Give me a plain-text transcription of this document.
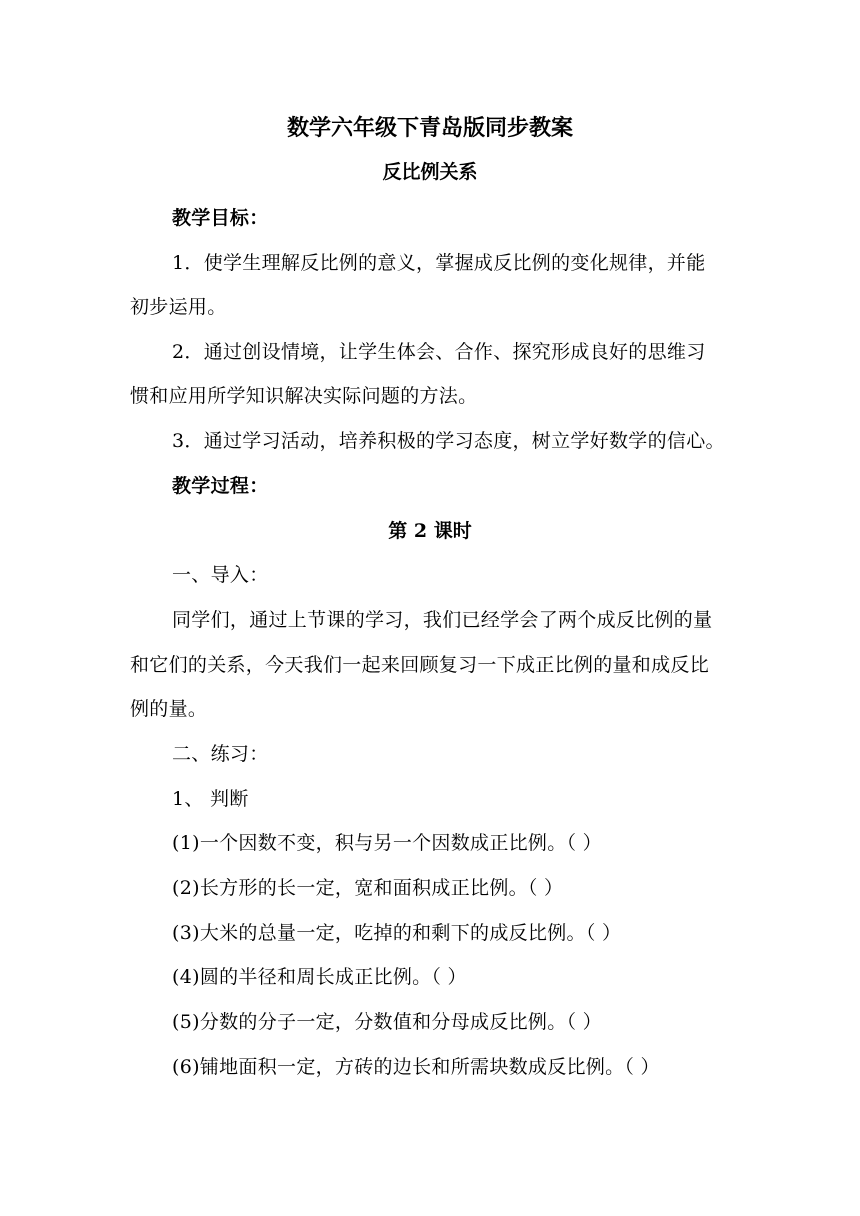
数学六年级下青岛版同步教案
反比例关系
教学目标：
1．使学生理解反比例的意义，掌握成反比例的变化规律，并能
初步运用。
2．通过创设情境，让学生体会、合作、探究形成良好的思维习
惯和应用所学知识解决实际问题的方法。
3．通过学习活动，培养积极的学习态度，树立学好数学的信心。
教学过程：
第 2 课时
一、导入：
同学们，通过上节课的学习，我们已经学会了两个成反比例的量
和它们的关系，今天我们一起来回顾复习一下成正比例的量和成反比
例的量。
二、练习：
1、 判断
(1)一个因数不变，积与另一个因数成正比例。（ ）
(2)长方形的长一定，宽和面积成正比例。（ ）
(3)大米的总量一定，吃掉的和剩下的成反比例。（ ）
(4)圆的半径和周长成正比例。（ ）
(5)分数的分子一定，分数值和分母成反比例。（ ）
(6)铺地面积一定，方砖的边长和所需块数成反比例。（ ）
